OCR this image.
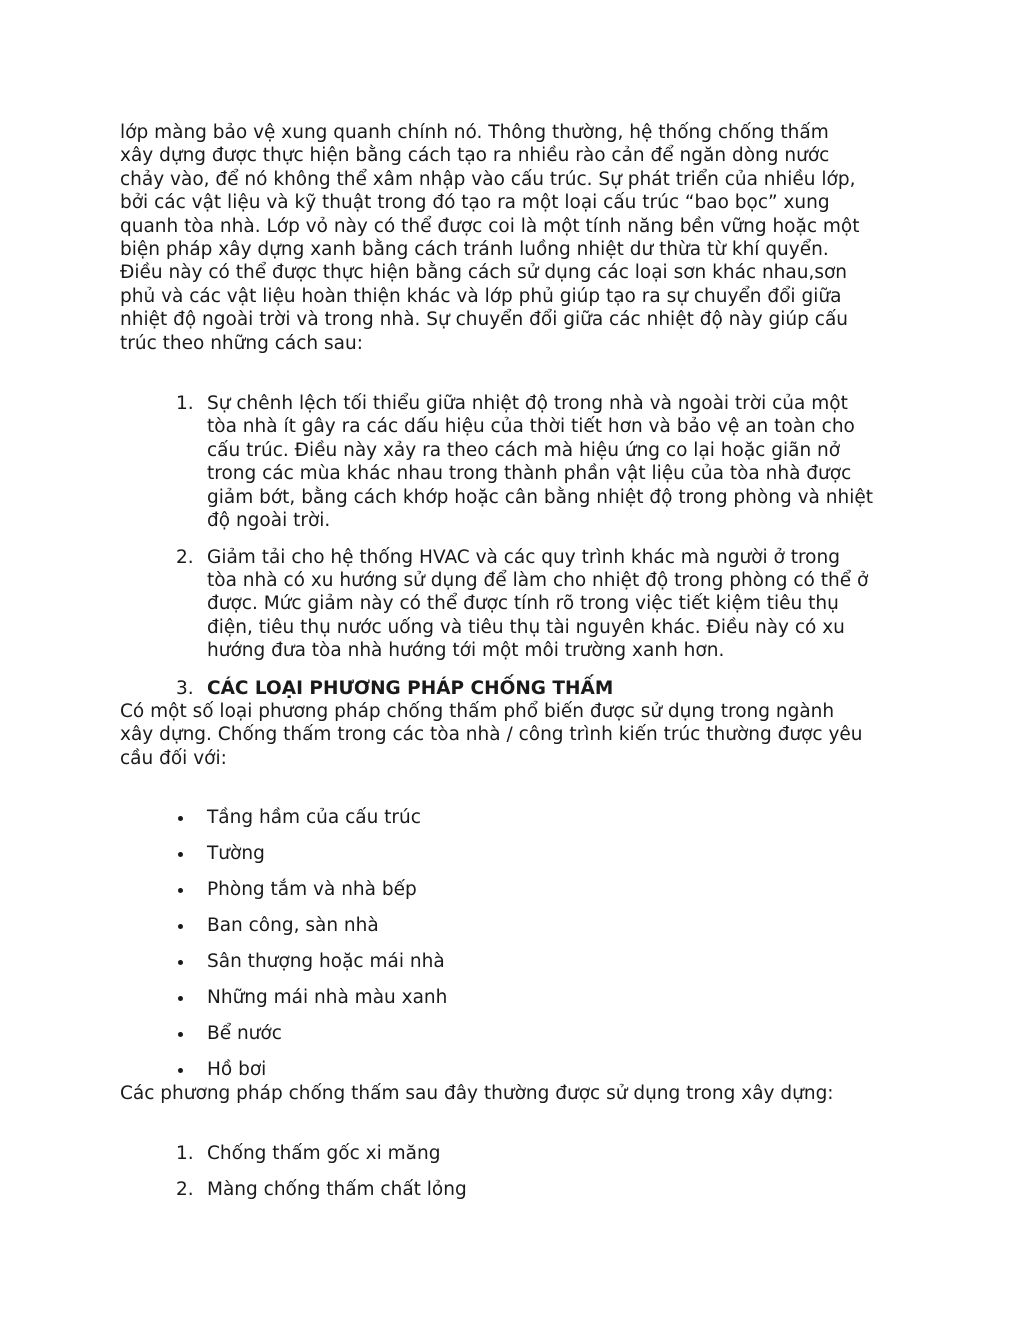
lớp màng bảo vệ xung quanh chính nó. Thông thường, hệ thống chống thấm
xây dựng được thực hiện bằng cách tạo ra nhiều rào cản để ngăn dòng nước
chảy vào, để nó không thể xâm nhập vào cấu trúc. Sự phát triển của nhiều lớp,
bởi các vật liệu và kỹ thuật trong đó tạo ra một loại cấu trúc “bao bọc” xung
quanh tòa nhà. Lớp vỏ này có thể được coi là một tính năng bền vững hoặc một
biện pháp xây dựng xanh bằng cách tránh luồng nhiệt dư thừa từ khí quyển.
Điều này có thể được thực hiện bằng cách sử dụng các loại sơn khác nhau,sơn
phủ và các vật liệu hoàn thiện khác và lớp phủ giúp tạo ra sự chuyển đổi giữa
nhiệt độ ngoài trời và trong nhà. Sự chuyển đổi giữa các nhiệt độ này giúp cấu
trúc theo những cách sau:
1. Sự chênh lệch tối thiểu giữa nhiệt độ trong nhà và ngoài trời của một
tòa nhà ít gây ra các dấu hiệu của thời tiết hơn và bảo vệ an toàn cho
cấu trúc. Điều này xảy ra theo cách mà hiệu ứng co lại hoặc giãn nở
trong các mùa khác nhau trong thành phần vật liệu của tòa nhà được
giảm bớt, bằng cách khớp hoặc cân bằng nhiệt độ trong phòng và nhiệt
độ ngoài trời.
2. Giảm tải cho hệ thống HVAC và các quy trình khác mà người ở trong
tòa nhà có xu hướng sử dụng để làm cho nhiệt độ trong phòng có thể ở
được. Mức giảm này có thể được tính rõ trong việc tiết kiệm tiêu thụ
điện, tiêu thụ nước uống và tiêu thụ tài nguyên khác. Điều này có xu
hướng đưa tòa nhà hướng tới một môi trường xanh hơn.
3. CÁC LOẠI PHƯƠNG PHÁP CHỐNG THẤM
Có một số loại phương pháp chống thấm phổ biến được sử dụng trong ngành
xây dựng. Chống thấm trong các tòa nhà / công trình kiến trúc thường được yêu
cầu đối với:
Tầng hầm của cấu trúc
Tường
Phòng tắm và nhà bếp
Ban công, sàn nhà
Sân thượng hoặc mái nhà
Những mái nhà màu xanh
Bể nước
Hồ bơi
Các phương pháp chống thấm sau đây thường được sử dụng trong xây dựng:
1. Chống thấm gốc xi măng
2. Màng chống thấm chất lỏng
